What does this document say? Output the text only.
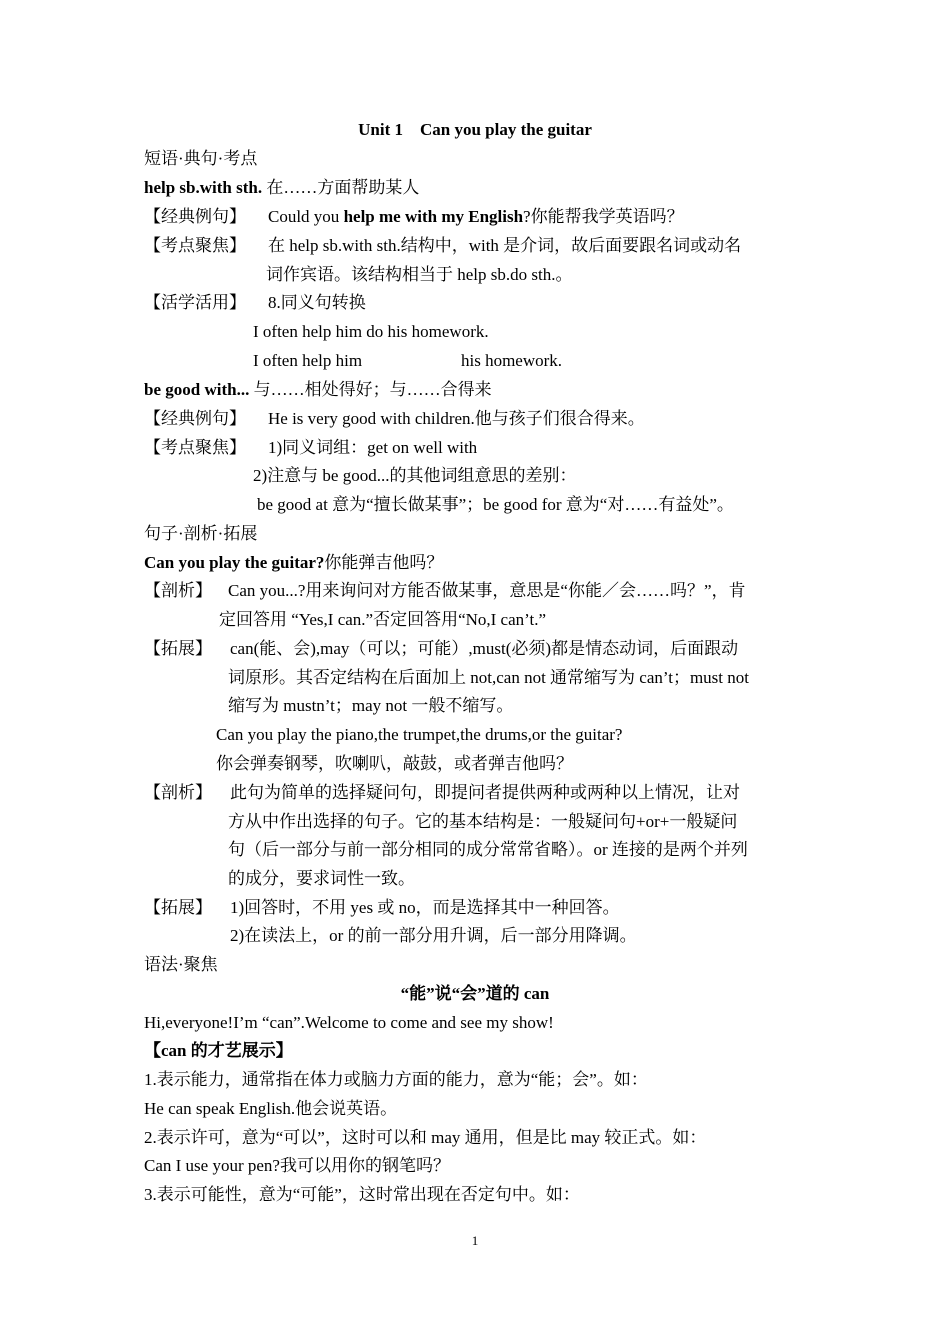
Unit 1    Can you play the guitar
短语·典句·考点
help sb.with sth. 在……方面帮助某人
【经典例句】 Could you help me with my English?你能帮我学英语吗？
【考点聚焦】 在 help sb.with sth.结构中，with 是介词，故后面要跟名词或动名
词作宾语。该结构相当于 help sb.do sth.。
【活学活用】 8.同义句转换
I often help him do his homework.
I often help him	his homework.
be good with... 与……相处得好；与……合得来
【经典例句】 He is very good with children.他与孩子们很合得来。
【考点聚焦】 1)同义词组：get on well with
2)注意与 be good...的其他词组意思的差别：
be good at 意为“擅长做某事”；be good for 意为“对……有益处”。
句子·剖析·拓展
Can you play the guitar?你能弹吉他吗？
【剖析】 Can you...?用来询问对方能否做某事，意思是“你能／会……吗？”，肯
定回答用 “Yes,I can.”否定回答用“No,I can’t.”
【拓展】 can(能、会),may（可以；可能）,must(必须)都是情态动词，后面跟动
词原形。其否定结构在后面加上 not,can not 通常缩写为 can’t；must not
缩写为 mustn’t；may not 一般不缩写。
Can you play the piano,the trumpet,the drums,or the guitar?
你会弹奏钢琴，吹喇叭，敲鼓，或者弹吉他吗？
【剖析】 此句为简单的选择疑问句，即提问者提供两种或两种以上情况，让对
方从中作出选择的句子。它的基本结构是：一般疑问句+or+一般疑问
句（后一部分与前一部分相同的成分常常省略）。or 连接的是两个并列
的成分，要求词性一致。
【拓展】 1)回答时，不用 yes 或 no，而是选择其中一种回答。
2)在读法上，or 的前一部分用升调，后一部分用降调。
语法·聚焦
“能”说“会”道的 can
Hi,everyone!I’m “can”.Welcome to come and see my show!
【can 的才艺展示】
1.表示能力，通常指在体力或脑力方面的能力，意为“能；会”。如：
He can speak English.他会说英语。
2.表示许可，意为“可以”，这时可以和 may 通用，但是比 may 较正式。如：
Can I use your pen?我可以用你的钢笔吗？
3.表示可能性，意为“可能”，这时常出现在否定句中。如：
1
